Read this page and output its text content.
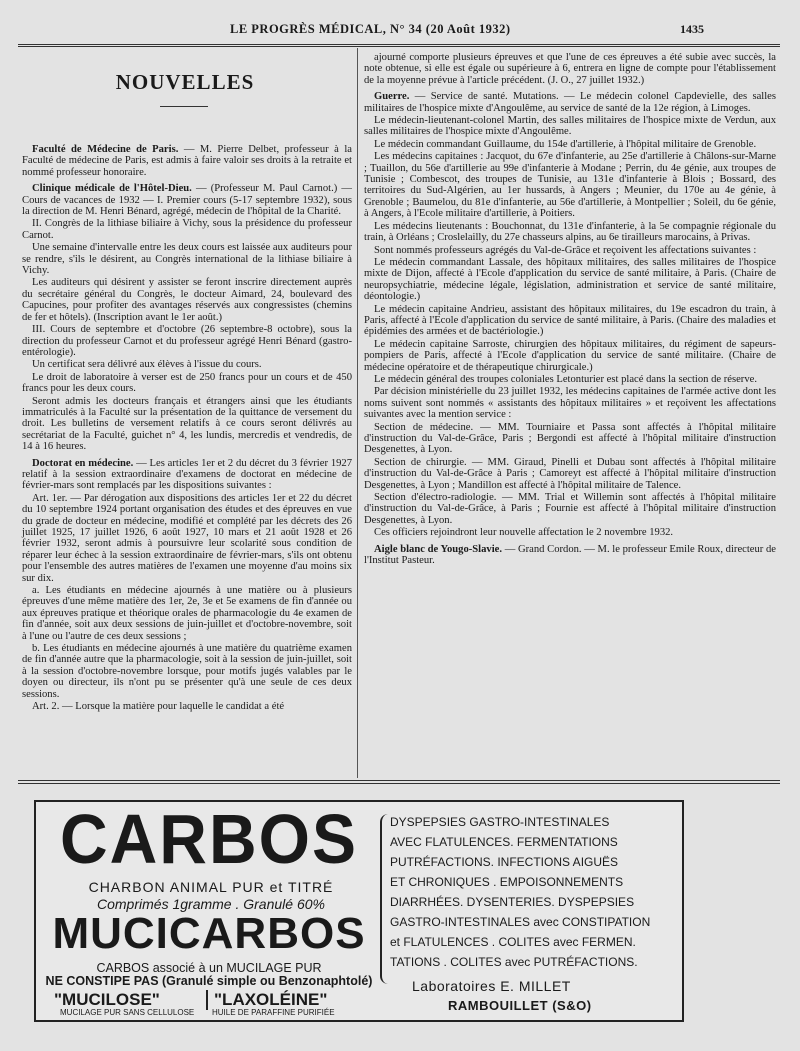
LE PROGRÈS MÉDICAL, N° 34 (20 Août 1932)	1435
NOUVELLES

Faculté de Médecine de Paris. — M. Pierre Delbet, professeur à la Faculté de médecine de Paris, est admis à faire valoir ses droits à la retraite et nommé professeur honoraire.

Clinique médicale de l'Hôtel-Dieu. — (Professeur M. Paul Carnot.) — Cours de vacances de 1932 — I. Premier cours (5-17 septembre 1932), sous la direction de M. Henri Bénard, agrégé, médecin de l'hôpital de la Charité.

II. Congrès de la lithiase biliaire à Vichy, sous la présidence du professeur Carnot.

Une semaine d'intervalle entre les deux cours est laissée aux auditeurs pour se rendre, s'ils le désirent, au Congrès international de la lithiase biliaire à Vichy.

Les auditeurs qui désirent y assister se feront inscrire directement auprès du secrétaire général du Congrès, le docteur Aimard, 24, boulevard des Capucines, pour profiter des avantages réservés aux congressistes (chemins de fer et hôtels). (Inscription avant le 1er août.)

III. Cours de septembre et d'octobre (26 septembre-8 octobre), sous la direction du professeur Carnot et du professeur agrégé Henri Bénard (gastro-entérologie).

Un certificat sera délivré aux élèves à l'issue du cours.

Le droit de laboratoire à verser est de 250 francs pour un cours et de 450 francs pour les deux cours.

Seront admis les docteurs français et étrangers ainsi que les étudiants immatriculés à la Faculté sur la présentation de la quittance de versement du droit. Les bulletins de versement relatifs à ce cours seront délivrés au secrétariat de la Faculté, guichet n° 4, les lundis, mercredis et vendredis, de 14 à 16 heures.

Doctorat en médecine. — Les articles 1er et 2 du décret du 3 février 1927 relatif à la session extraordinaire d'examens de doctorat en médecine de février-mars sont remplacés par les dispositions suivantes :

Art. 1er. — Par dérogation aux dispositions des articles 1er et 22 du décret du 10 septembre 1924 portant organisation des études et des épreuves en vue du grade de docteur en médecine, modifié et complété par les décrets des 26 juillet 1925, 17 juillet 1926, 6 août 1927, 10 mars et 21 août 1928 et 26 février 1932, seront admis à poursuivre leur scolarité sous condition de réparer leur échec à la session extraordinaire de février-mars, s'ils ont obtenu pour l'ensemble des autres matières de l'examen une moyenne d'au moins six sur dix.

a. Les étudiants en médecine ajournés à une matière ou à plusieurs épreuves d'une même matière des 1er, 2e, 3e et 5e examens de fin d'année ou aux épreuves pratique et théorique orales de pharmacologie du 4e examen de fin d'année, soit aux deux sessions de juin-juillet et d'octobre-novembre, soit à l'une ou l'autre de ces deux sessions ;

b. Les étudiants en médecine ajournés à une matière du quatrième examen de fin d'année autre que la pharmacologie, soit à la session de juin-juillet, soit à la session d'octobre-novembre lorsque, pour motifs jugés valables par le doyen ou directeur, ils n'ont pu se présenter qu'à une seule de ces deux sessions.

Art. 2. — Lorsque la matière pour laquelle le candidat a été

ajourné comporte plusieurs épreuves et que l'une de ces épreuves a été subie avec succès, la note obtenue, si elle est égale ou supérieure à 6, entrera en ligne de compte pour l'établissement de la moyenne prévue à l'article précédent. (J. O., 27 juillet 1932.)

Guerre. — Service de santé. Mutations. — Le médecin colonel Capdevielle, des salles militaires de l'hospice mixte d'Angoulême, au service de santé de la 12e région, à Limoges.

Le médecin-lieutenant-colonel Martin, des salles militaires de l'hospice mixte de Verdun, aux salles militaires de l'hospice mixte d'Angoulême.

Le médecin commandant Guillaume, du 154e d'artillerie, à l'hôpital militaire de Grenoble.

Les médecins capitaines : Jacquot, du 67e d'infanterie, au 25e d'artillerie à Châlons-sur-Marne ; Tuaillon, du 56e d'artillerie au 99e d'infanterie à Modane ; Perrin, du 4e génie, aux troupes de Tunisie ; Combescot, des troupes de Tunisie, au 131e d'infanterie à Blois ; Bossard, des territoires du Sud-Algérien, au 1er hussards, à Angers ; Meunier, du 170e au 4e génie, à Grenoble ; Baumelou, du 81e d'infanterie, au 56e d'artillerie, à Montpellier ; Soleil, du 6e génie, à Angers, à l'Ecole militaire d'artillerie, à Poitiers.

Les médecins lieutenants : Bouchonnat, du 131e d'infanterie, à la 5e compagnie régionale du train, à Orléans ; Croslelailly, du 27e chasseurs alpins, au 6e tirailleurs marocains, à Privas.

Sont nommés professeurs agrégés du Val-de-Grâce et reçoivent les affectations suivantes :

Le médecin commandant Lassale, des hôpitaux militaires, des salles militaires de l'hospice mixte de Dijon, affecté à l'Ecole d'application du service de santé militaire, à Paris. (Chaire de neuropsychiatrie, médecine légale, législation, administration et service de santé militaire, déontologie.)

Le médecin capitaine Andrieu, assistant des hôpitaux militaires, du 19e escadron du train, à Paris, affecté à l'Ecole d'application du service de santé militaire, à Paris. (Chaire des maladies et épidémies des armées et de bactériologie.)

Le médecin capitaine Sarroste, chirurgien des hôpitaux militaires, du régiment de sapeurs-pompiers de Paris, affecté à l'Ecole d'application du service de santé militaire. (Chaire de médecine opératoire et de thérapeutique chirurgicale.)

Le médecin général des troupes coloniales Letonturier est placé dans la section de réserve.

Par décision ministérielle du 23 juillet 1932, les médecins capitaines de l'armée active dont les noms suivent sont nommés « assistants des hôpitaux militaires » et reçoivent les affectations suivantes avec la mention service :

Section de médecine. — MM. Tourniaire et Passa sont affectés à l'hôpital militaire d'instruction du Val-de-Grâce, Paris ; Bergondi est affecté à l'hôpital militaire d'instruction Desgenettes, à Lyon.

Section de chirurgie. — MM. Giraud, Pinelli et Dubau sont affectés à l'hôpital militaire d'instruction du Val-de-Grâce à Paris ; Camoreyt est affecté à l'hôpital militaire d'instruction Desgenettes, à Lyon ; Mandillon est affecté à l'hôpital militaire de Talence.

Section d'électro-radiologie. — MM. Trial et Willemin sont affectés à l'hôpital militaire d'instruction du Val-de-Grâce, à Paris ; Fournie est affecté à l'hôpital militaire d'instruction Desgenettes, à Lyon.

Ces officiers rejoindront leur nouvelle affectation le 2 novembre 1932.

Aigle blanc de Yougo-Slavie. — Grand Cordon. — M. le professeur Emile Roux, directeur de l'Institut Pasteur.

CARBOS
CHARBON ANIMAL PUR et TITRÉ
Comprimés 1gramme . Granulé 60%
MUCICARBOS
CARBOS associé à un MUCILAGE PUR
NE CONSTIPE PAS (Granulé simple ou Benzonaphtolé)
"MUCILOSE"
MUCILAGE PUR SANS CELLULOSE
"LAXOLÉINE"
HUILE DE PARAFFINE PURIFIÉE
DYSPEPSIES GASTRO-INTESTINALES
AVEC FLATULENCES. FERMENTATIONS
PUTRÉFACTIONS. INFECTIONS AIGUËS
ET CHRONIQUES . EMPOISONNEMENTS
DIARRHÉES. DYSENTERIES. DYSPEPSIES
GASTRO-INTESTINALES avec CONSTIPATION
et FLATULENCES . COLITES avec FERMEN.
TATIONS . COLITES avec PUTRÉFACTIONS.
Laboratoires E. MILLET
RAMBOUILLET (S&O)
